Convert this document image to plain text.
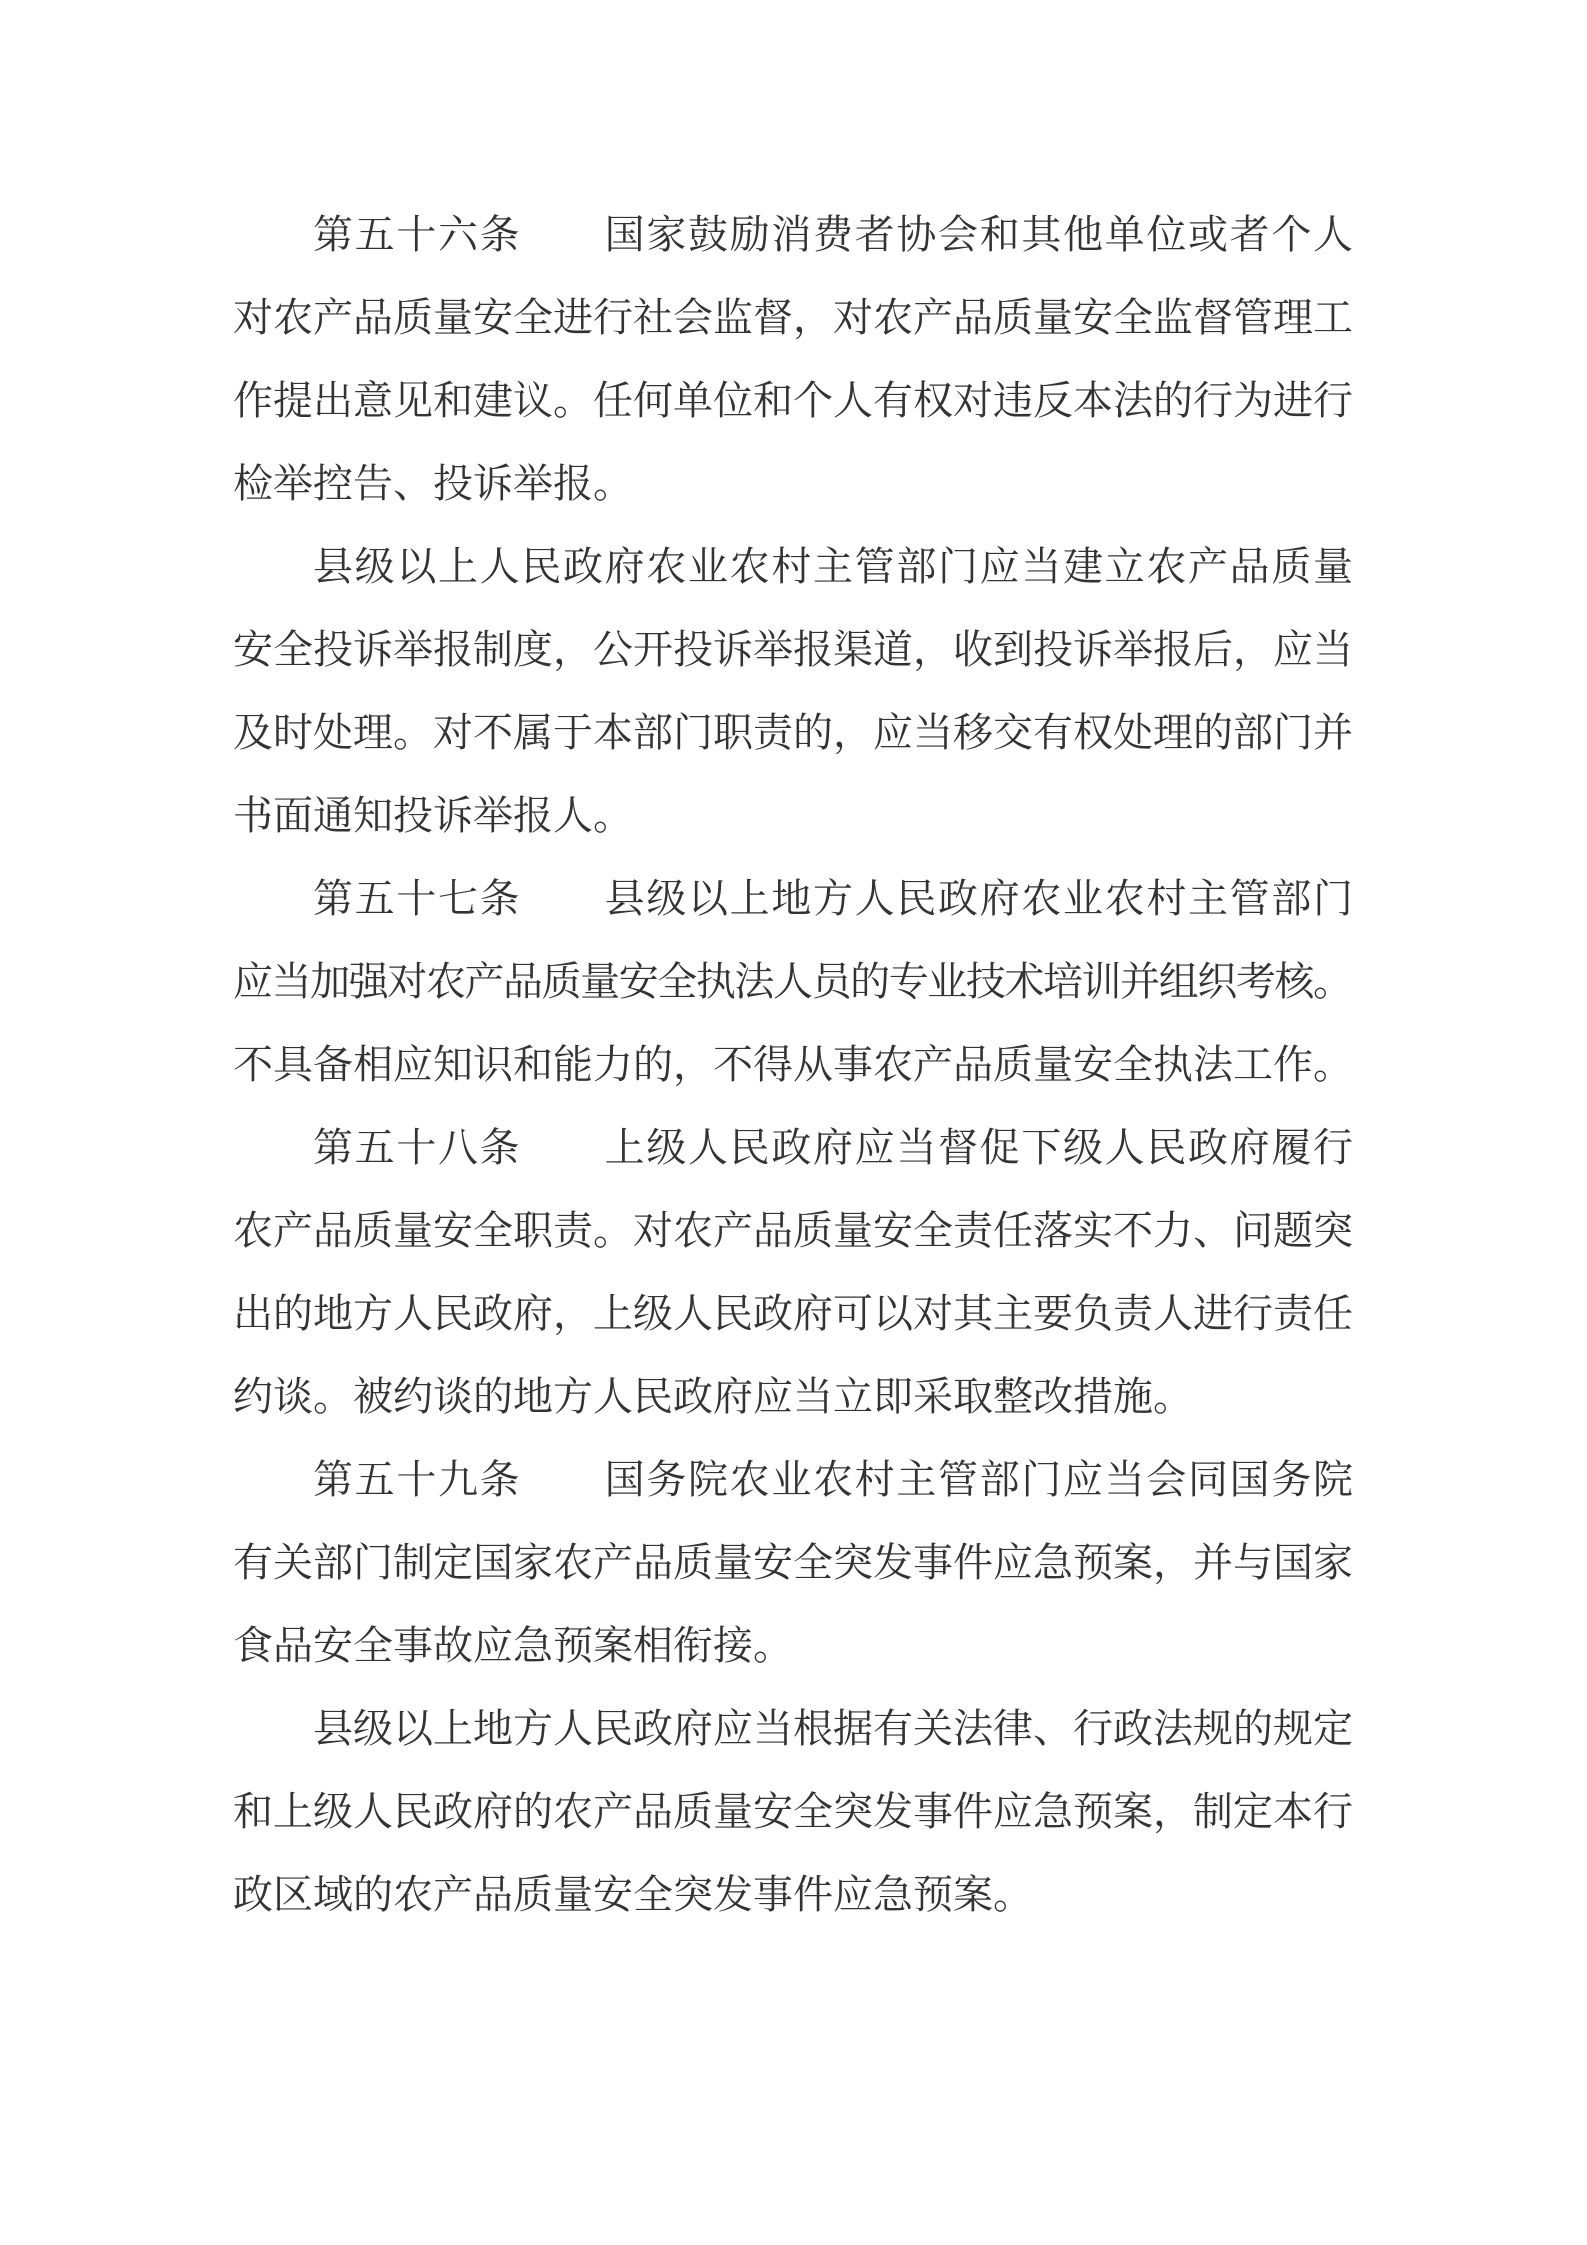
第五十六条　　国家鼓励消费者协会和其他单位或者个人
对农产品质量安全进行社会监督，对农产品质量安全监督管理工
作提出意见和建议。任何单位和个人有权对违反本法的行为进行
检举控告、投诉举报。
县级以上人民政府农业农村主管部门应当建立农产品质量
安全投诉举报制度，公开投诉举报渠道，收到投诉举报后，应当
及时处理。对不属于本部门职责的，应当移交有权处理的部门并
书面通知投诉举报人。
第五十七条　　县级以上地方人民政府农业农村主管部门
应当加强对农产品质量安全执法人员的专业技术培训并组织考核。
不具备相应知识和能力的，不得从事农产品质量安全执法工作。
第五十八条　　上级人民政府应当督促下级人民政府履行
农产品质量安全职责。对农产品质量安全责任落实不力、问题突
出的地方人民政府，上级人民政府可以对其主要负责人进行责任
约谈。被约谈的地方人民政府应当立即采取整改措施。
第五十九条　　国务院农业农村主管部门应当会同国务院
有关部门制定国家农产品质量安全突发事件应急预案，并与国家
食品安全事故应急预案相衔接。
县级以上地方人民政府应当根据有关法律、行政法规的规定
和上级人民政府的农产品质量安全突发事件应急预案，制定本行
政区域的农产品质量安全突发事件应急预案。
